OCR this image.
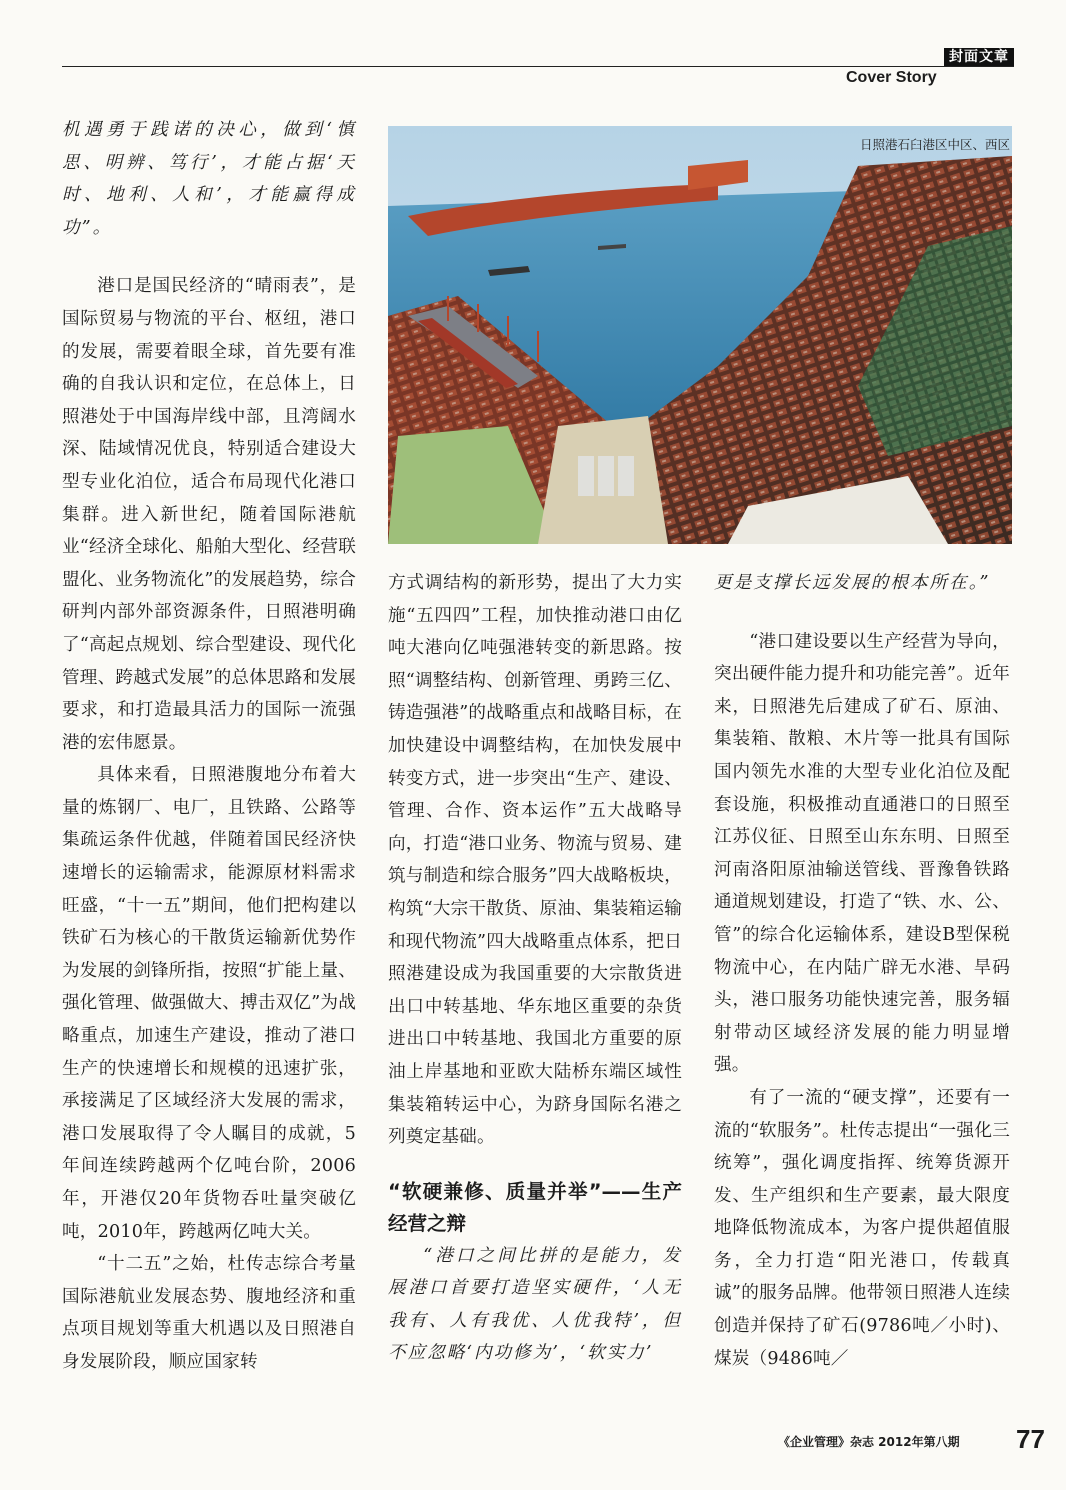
封面文章
Cover Story
日照港石臼港区中区、西区

机遇勇于践诺的决心，做到‘慎思、明辨、笃行’，才能占据‘天时、地利、人和’，才能赢得成功”。

港口是国民经济的“晴雨表”，是国际贸易与物流的平台、枢纽，港口的发展，需要着眼全球，首先要有准确的自我认识和定位，在总体上，日照港处于中国海岸线中部，且湾阔水深、陆域情况优良，特别适合建设大型专业化泊位，适合布局现代化港口集群。进入新世纪，随着国际港航业“经济全球化、船舶大型化、经营联盟化、业务物流化”的发展趋势，综合研判内部外部资源条件，日照港明确了“高起点规划、综合型建设、现代化管理、跨越式发展”的总体思路和发展要求，和打造最具活力的国际一流强港的宏伟愿景。

具体来看，日照港腹地分布着大量的炼钢厂、电厂，且铁路、公路等集疏运条件优越，伴随着国民经济快速增长的运输需求，能源原材料需求旺盛，“十一五”期间，他们把构建以铁矿石为核心的干散货运输新优势作为发展的剑锋所指，按照“扩能上量、强化管理、做强做大、搏击双亿”为战略重点，加速生产建设，推动了港口生产的快速增长和规模的迅速扩张，承接满足了区域经济大发展的需求，港口发展取得了令人瞩目的成就，5年间连续跨越两个亿吨台阶，2006年，开港仅20年货物吞吐量突破亿吨，2010年，跨越两亿吨大关。

“十二五”之始，杜传志综合考量国际港航业发展态势、腹地经济和重点项目规划等重大机遇以及日照港自身发展阶段，顺应国家转

方式调结构的新形势，提出了大力实施“五四四”工程，加快推动港口由亿吨大港向亿吨强港转变的新思路。按照“调整结构、创新管理、勇跨三亿、铸造强港”的战略重点和战略目标，在加快建设中调整结构，在加快发展中转变方式，进一步突出“生产、建设、管理、合作、资本运作”五大战略导向，打造“港口业务、物流与贸易、建筑与制造和综合服务”四大战略板块，构筑“大宗干散货、原油、集装箱运输和现代物流”四大战略重点体系，把日照港建设成为我国重要的大宗散货进出口中转基地、华东地区重要的杂货进出口中转基地、我国北方重要的原油上岸基地和亚欧大陆桥东端区域性集装箱转运中心，为跻身国际名港之列奠定基础。

“软硬兼修、质量并举”——生产经营之辩

“港口之间比拼的是能力，发展港口首要打造坚实硬件，‘人无我有、人有我优、人优我特’，但不应忽略‘内功修为’，‘软实力’

更是支撑长远发展的根本所在。”

“港口建设要以生产经营为导向，突出硬件能力提升和功能完善”。近年来，日照港先后建成了矿石、原油、集装箱、散粮、木片等一批具有国际国内领先水准的大型专业化泊位及配套设施，积极推动直通港口的日照至江苏仪征、日照至山东东明、日照至河南洛阳原油输送管线、晋豫鲁铁路通道规划建设，打造了“铁、水、公、管”的综合化运输体系，建设B型保税物流中心，在内陆广辟无水港、旱码头，港口服务功能快速完善，服务辐射带动区域经济发展的能力明显增强。

有了一流的“硬支撑”，还要有一流的“软服务”。杜传志提出“一强化三统筹”，强化调度指挥、统筹货源开发、生产组织和生产要素，最大限度地降低物流成本，为客户提供超值服务，全力打造“阳光港口，传载真诚”的服务品牌。他带领日照港人连续创造并保持了矿石(9786吨／小时)、煤炭（9486吨／

《企业管理》杂志 2012年第八期	77
